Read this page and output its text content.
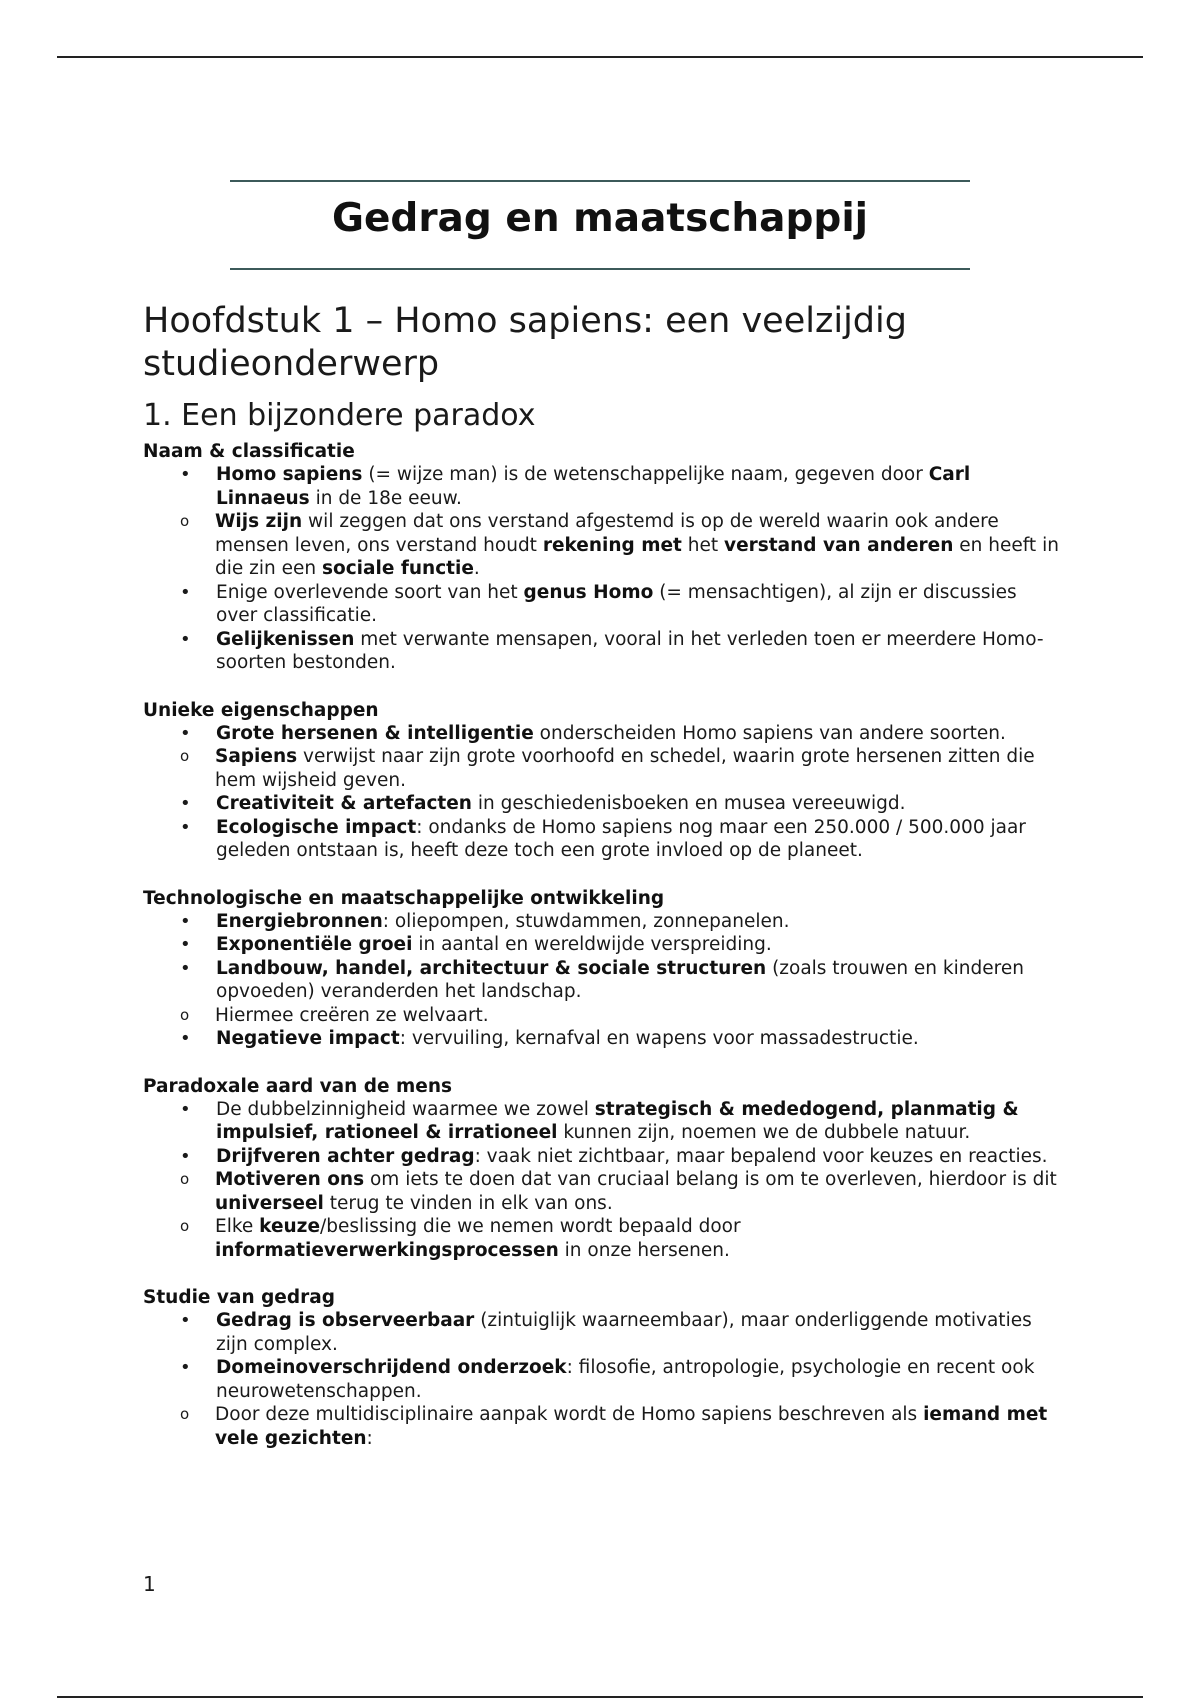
Gedrag en maatschappij
Hoofdstuk 1 – Homo sapiens: een veelzijdig studieonderwerp
1. Een bijzondere paradox

Naam & classificatie

• Homo sapiens (= wijze man) is de wetenschappelijke naam, gegeven door Carl Linnaeus in de 18e eeuw.
o Wijs zijn wil zeggen dat ons verstand afgestemd is op de wereld waarin ook andere mensen leven, ons verstand houdt rekening met het verstand van anderen en heeft in die zin een sociale functie.
• Enige overlevende soort van het genus Homo (= mensachtigen), al zijn er discussies over classificatie.
• Gelijkenissen met verwante mensapen, vooral in het verleden toen er meerdere Homo-soorten bestonden.

Unieke eigenschappen

• Grote hersenen & intelligentie onderscheiden Homo sapiens van andere soorten.
o Sapiens verwijst naar zijn grote voorhoofd en schedel, waarin grote hersenen zitten die hem wijsheid geven.
• Creativiteit & artefacten in geschiedenisboeken en musea vereeuwigd.
• Ecologische impact: ondanks de Homo sapiens nog maar een 250.000 / 500.000 jaar geleden ontstaan is, heeft deze toch een grote invloed op de planeet.

Technologische en maatschappelijke ontwikkeling

• Energiebronnen: oliepompen, stuwdammen, zonnepanelen.
• Exponentiële groei in aantal en wereldwijde verspreiding.
• Landbouw, handel, architectuur & sociale structuren (zoals trouwen en kinderen opvoeden) veranderden het landschap.
o Hiermee creëren ze welvaart.
• Negatieve impact: vervuiling, kernafval en wapens voor massadestructie.

Paradoxale aard van de mens

• De dubbelzinnigheid waarmee we zowel strategisch & mededogend, planmatig & impulsief, rationeel & irrationeel kunnen zijn, noemen we de dubbele natuur.
• Drijfveren achter gedrag: vaak niet zichtbaar, maar bepalend voor keuzes en reacties.
o Motiveren ons om iets te doen dat van cruciaal belang is om te overleven, hierdoor is dit universeel terug te vinden in elk van ons.
o Elke keuze/beslissing die we nemen wordt bepaald door informatieverwerkingsprocessen in onze hersenen.

Studie van gedrag

• Gedrag is observeerbaar (zintuiglijk waarneembaar), maar onderliggende motivaties zijn complex.
• Domeinoverschrijdend onderzoek: filosofie, antropologie, psychologie en recent ook neurowetenschappen.
o Door deze multidisciplinaire aanpak wordt de Homo sapiens beschreven als iemand met vele gezichten:

1
